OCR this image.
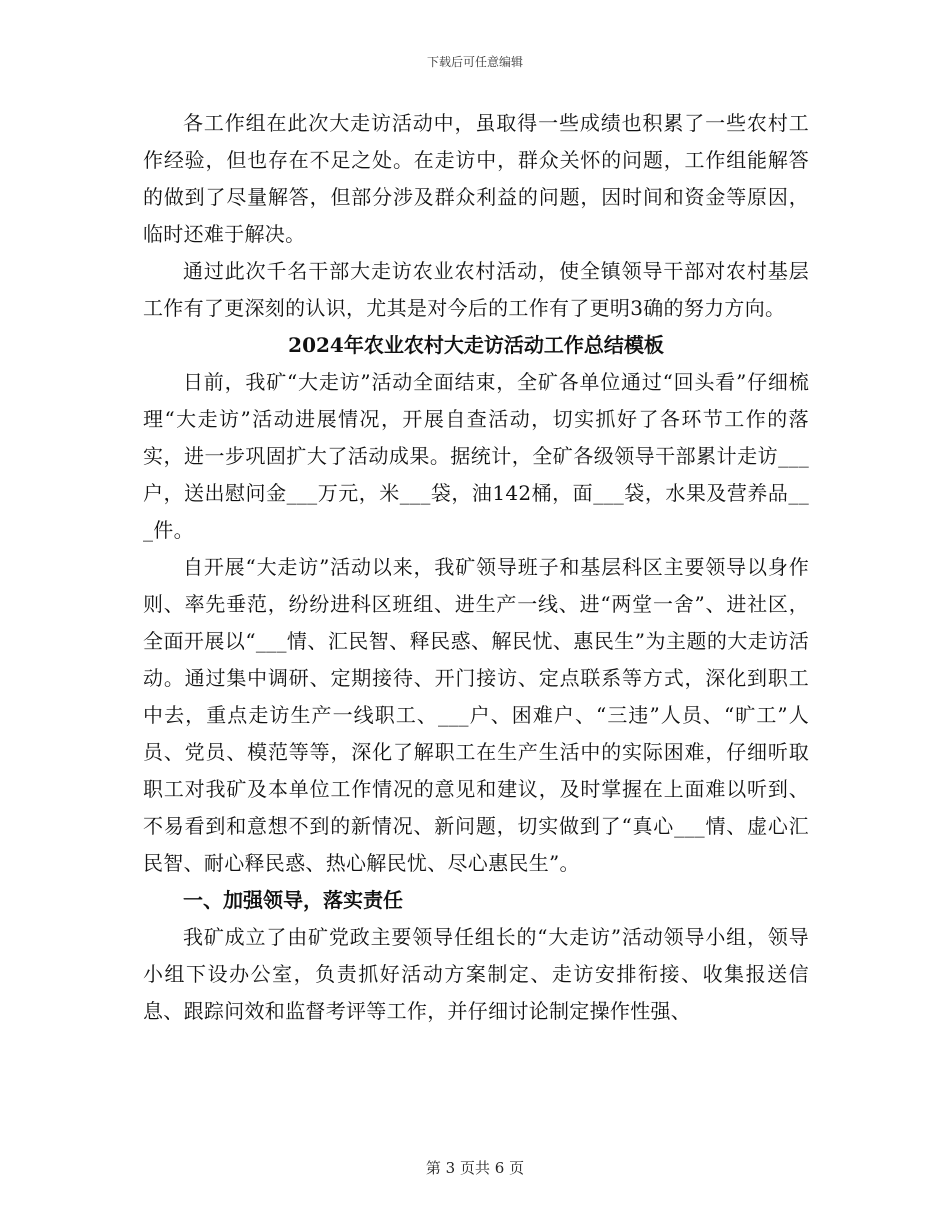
下载后可任意编辑

各工作组在此次大走访活动中，虽取得一些成绩也积累了一些农村工作经验，但也存在不足之处。在走访中，群众关怀的问题，工作组能解答的做到了尽量解答，但部分涉及群众利益的问题，因时间和资金等原因，临时还难于解决。

通过此次千名干部大走访农业农村活动，使全镇领导干部对农村基层工作有了更深刻的认识，尤其是对今后的工作有了更明3确的努力方向。

2024年农业农村大走访活动工作总结模板

日前，我矿“大走访”活动全面结束，全矿各单位通过“回头看”仔细梳理“大走访”活动进展情况，开展自查活动，切实抓好了各环节工作的落实，进一步巩固扩大了活动成果。据统计，全矿各级领导干部累计走访___户，送出慰问金___万元，米___袋，油142桶，面___袋，水果及营养品___件。

自开展“大走访”活动以来，我矿领导班子和基层科区主要领导以身作则、率先垂范，纷纷进科区班组、进生产一线、进“两堂一舍”、进社区，全面开展以“___情、汇民智、释民惑、解民忧、惠民生”为主题的大走访活动。通过集中调研、定期接待、开门接访、定点联系等方式，深化到职工中去，重点走访生产一线职工、___户、困难户、“三违”人员、“旷工”人员、党员、模范等等，深化了解职工在生产生活中的实际困难，仔细听取职工对我矿及本单位工作情况的意见和建议，及时掌握在上面难以听到、不易看到和意想不到的新情况、新问题，切实做到了“真心___情、虚心汇民智、耐心释民惑、热心解民忧、尽心惠民生”。

一、加强领导，落实责任

我矿成立了由矿党政主要领导任组长的“大走访”活动领导小组，领导小组下设办公室，负责抓好活动方案制定、走访安排衔接、收集报送信息、跟踪问效和监督考评等工作，并仔细讨论制定操作性强、

第 3 页共 6 页
